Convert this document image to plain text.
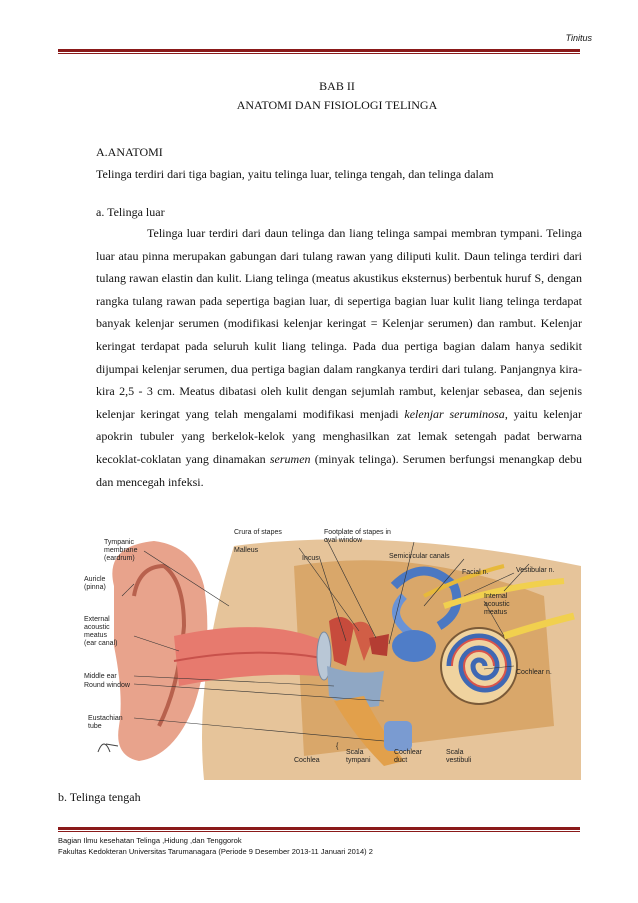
Tinitus
BAB II
ANATOMI DAN FISIOLOGI TELINGA
A.ANATOMI
Telinga terdiri dari tiga bagian, yaitu telinga luar, telinga tengah, dan telinga dalam
a. Telinga luar
Telinga luar terdiri dari daun telinga dan liang telinga sampai membran tympani. Telinga luar atau pinna merupakan gabungan dari tulang rawan yang diliputi kulit. Daun telinga terdiri dari tulang rawan elastin dan kulit. Liang telinga (meatus akustikus eksternus) berbentuk huruf S, dengan rangka tulang rawan pada sepertiga bagian luar, di sepertiga bagian luar kulit liang telinga terdapat banyak kelenjar serumen (modifikasi kelenjar keringat = Kelenjar serumen) dan rambut. Kelenjar keringat terdapat pada seluruh kulit liang telinga. Pada dua pertiga bagian dalam hanya sedikit dijumpai kelenjar serumen, dua pertiga bagian dalam rangkanya terdiri dari tulang. Panjangnya kira-kira 2,5 - 3 cm. Meatus dibatasi oleh kulit dengan sejumlah rambut, kelenjar sebasea, dan sejenis kelenjar keringat yang telah mengalami modifikasi menjadi kelenjar seruminosa, yaitu kelenjar apokrin tubuler yang berkelok-kelok yang menghasilkan zat lemak setengah padat berwarna kecoklat-coklatan yang dinamakan serumen (minyak telinga). Serumen berfungsi menangkap debu dan mencegah infeksi.
Crura of stapes	Footplate of stapes in
oval window
Tympanic
membrane
(eardrum)
Malleus
Incus	Semicircular canals
Facial n.	Vestibular n.
Auricle
(pinna)
Internal
acoustic
meatus
External
acoustic
meatus
(ear canal)
Middle ear
Round window
Cochlear n.
Eustachian
tube
Cochlea
{
Scala
tympani
Cochlear
duct
Scala
vestibuli
b. Telinga tengah
Bagian Ilmu kesehatan Telinga ,Hidung ,dan Tenggorok
Fakultas Kedokteran Universitas Tarumanagara (Periode 9 Desember 2013-11 Januari 2014) 2
